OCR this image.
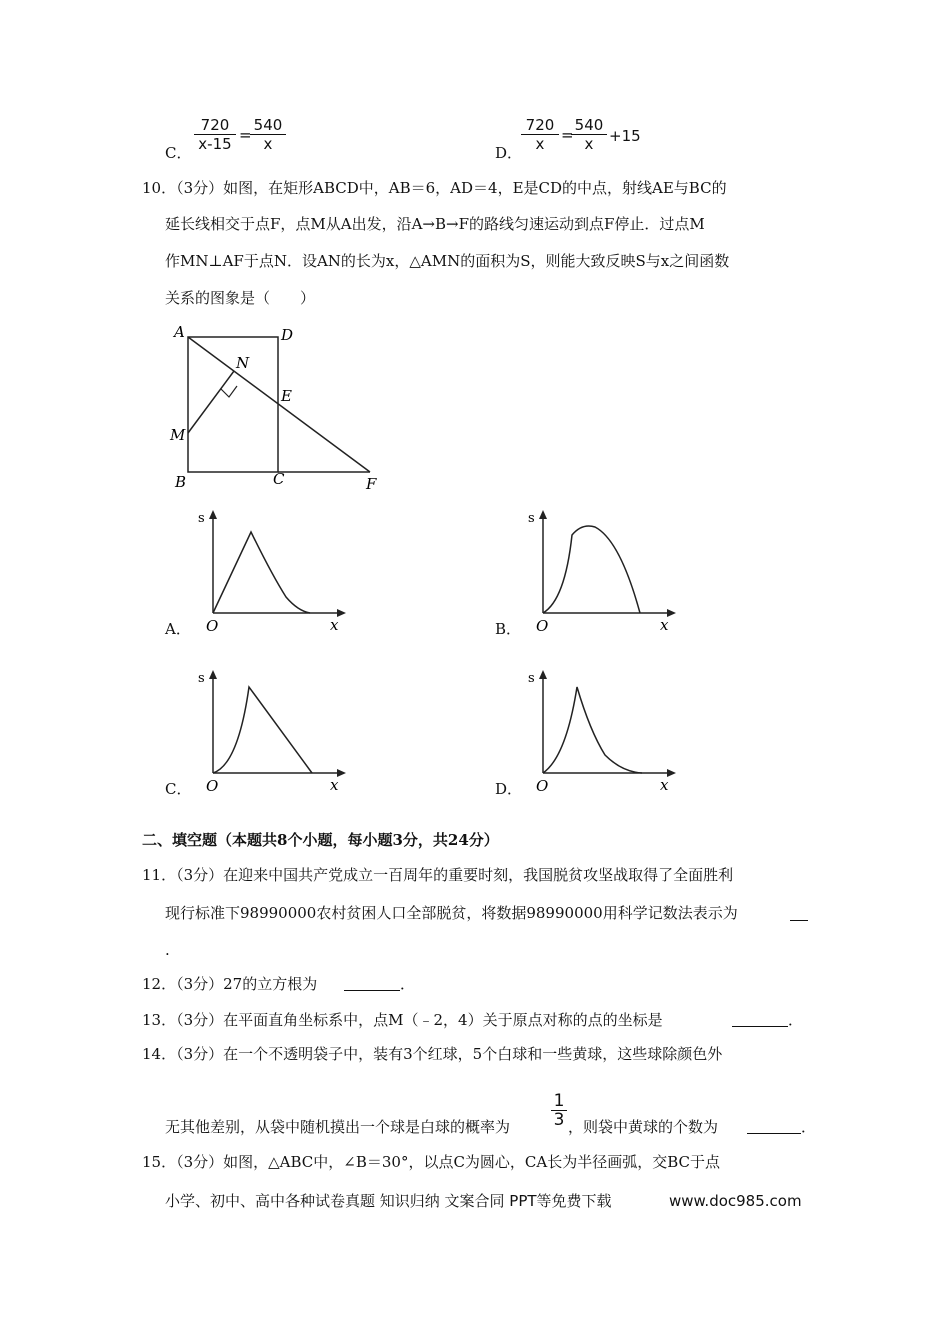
C． $\frac{720}{x-15}$ =
$\frac{540}{x}$	D．
$\frac{720}{x}$ =
$\frac{540}{x} +15$
10．（3分）如图，在矩形ABCD中，AB＝6，AD＝4，E是CD的中点，射线AE与BC的
延长线相交于点F，点M从A出发，沿A→B→F的路线匀速运动到点F停止．过点M
作MN⊥AF于点N．设AN的长为x，△AMN的面积为S，则能大致反映S与x之间函数
关系的图象是（　　）
A	D
N
E
M
B	C	F
A．
s
O	x	B．
s
O	x
C．
s
O	x	D．
s
O	x
二、填空题（本题共8个小题，每小题3分，共24分）
11．（3分）在迎来中国共产党成立一百周年的重要时刻，我国脱贫攻坚战取得了全面胜利
现行标准下98990000农村贫困人口全部脱贫，将数据98990000用科学记数法表示为
.
12．（3分）27的立方根为	．
13．（3分）在平面直角坐标系中，点M（﹣2，4）关于原点对称的点的坐标是	．
14．（3分）在一个不透明袋子中，装有3个红球，5个白球和一些黄球，这些球除颜色外
$\frac{1}{3}$
无其他差别，从袋中随机摸出一个球是白球的概率为	，则袋中黄球的个数为	．
15．（3分）如图，△ABC中，∠B＝30°，以点C为圆心，CA长为半径画弧，交BC于点
小学、初中、高中各种试卷真题 知识归纳 文案合同 PPT等免费下载	www.doc985.com
